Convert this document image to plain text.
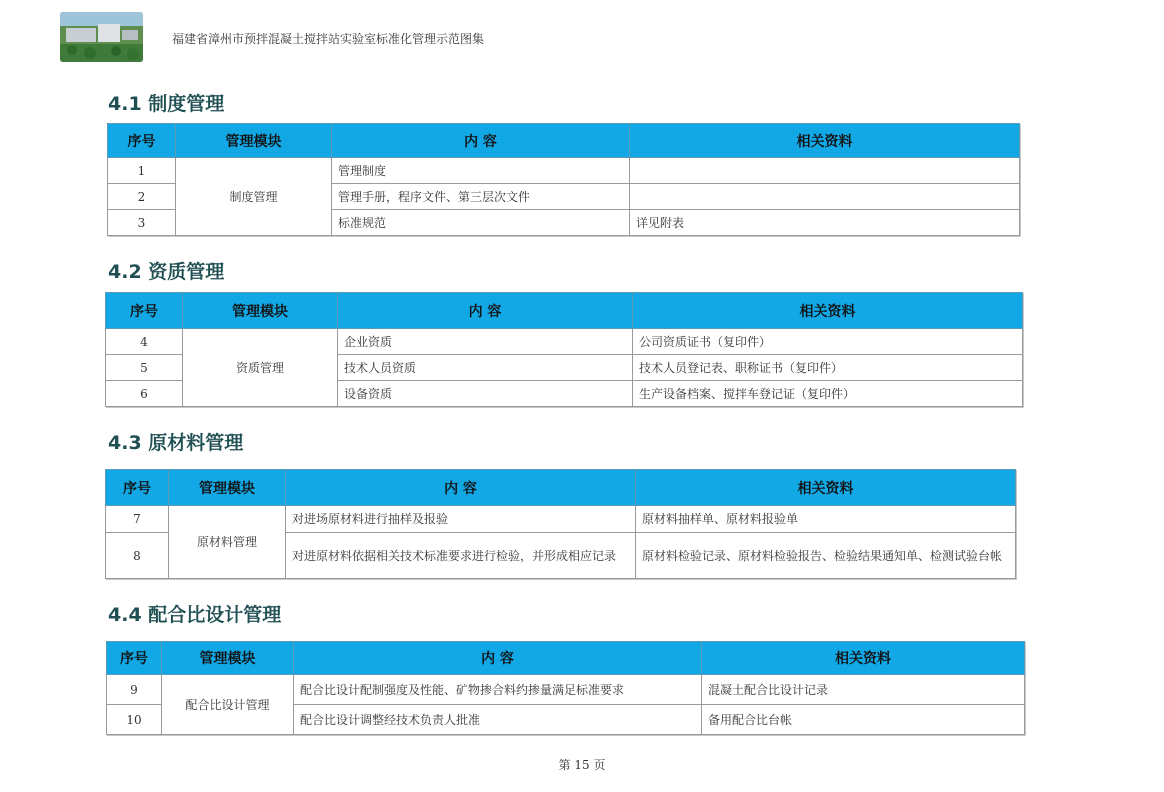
福建省漳州市预拌混凝土搅拌站实验室标准化管理示范图集
4.1 制度管理
序号	管理模块	内 容	相关资料
1	制度管理	管理制度	
2		管理手册，程序文件、第三层次文件	
3		标准规范	详见附表
4.2 资质管理
序号	管理模块	内 容	相关资料
4	资质管理	企业资质	公司资质证书（复印件）
5		技术人员资质	技术人员登记表、职称证书（复印件）
6		设备资质	生产设备档案、搅拌车登记证（复印件）
4.3 原材料管理
序号	管理模块	内 容	相关资料
7	原材料管理	对进场原材料进行抽样及报验	原材料抽样单、原材料报验单
8		对进原材料依据相关技术标准要求进行检验，并形成相应记录	原材料检验记录、原材料检验报告、检验结果通知单、检测试验台帐
4.4 配合比设计管理
序号	管理模块	内 容	相关资料
9	配合比设计管理	配合比设计配制强度及性能、矿物掺合料约掺量满足标准要求	混凝土配合比设计记录
10		配合比设计调整经技术负责人批准	备用配合比台帐
第 15 页
